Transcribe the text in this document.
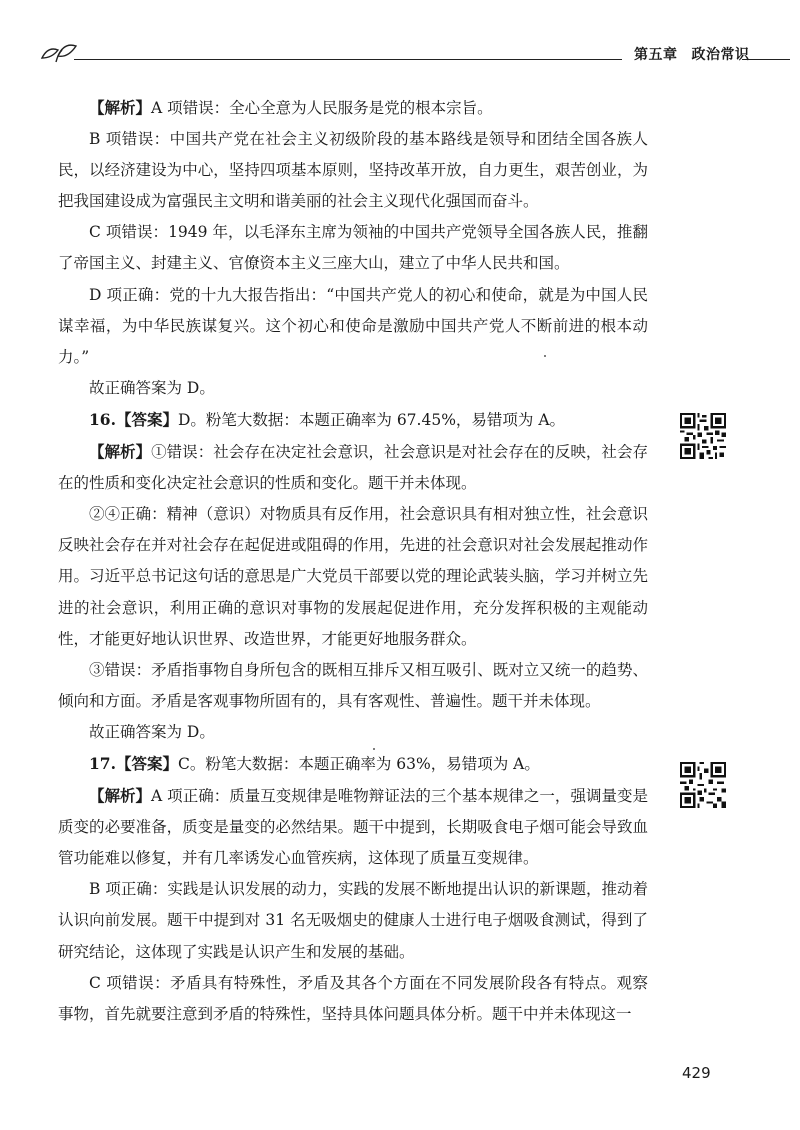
第五章 政治常识

【解析】A 项错误：全心全意为人民服务是党的根本宗旨。

B 项错误：中国共产党在社会主义初级阶段的基本路线是领导和团结全国各族人民，以经济建设为中心，坚持四项基本原则，坚持改革开放，自力更生，艰苦创业，为把我国建设成为富强民主文明和谐美丽的社会主义现代化强国而奋斗。

C 项错误：1949 年，以毛泽东主席为领袖的中国共产党领导全国各族人民，推翻了帝国主义、封建主义、官僚资本主义三座大山，建立了中华人民共和国。

D 项正确：党的十九大报告指出：“中国共产党人的初心和使命，就是为中国人民谋幸福，为中华民族谋复兴。这个初心和使命是激励中国共产党人不断前进的根本动力。”

故正确答案为 D。

16.【答案】D。粉笔大数据：本题正确率为 67.45%，易错项为 A。

【解析】①错误：社会存在决定社会意识，社会意识是对社会存在的反映，社会存在的性质和变化决定社会意识的性质和变化。题干并未体现。

②④正确：精神（意识）对物质具有反作用，社会意识具有相对独立性，社会意识反映社会存在并对社会存在起促进或阻碍的作用，先进的社会意识对社会发展起推动作用。习近平总书记这句话的意思是广大党员干部要以党的理论武装头脑，学习并树立先进的社会意识，利用正确的意识对事物的发展起促进作用，充分发挥积极的主观能动性，才能更好地认识世界、改造世界，才能更好地服务群众。

③错误：矛盾指事物自身所包含的既相互排斥又相互吸引、既对立又统一的趋势、倾向和方面。矛盾是客观事物所固有的，具有客观性、普遍性。题干并未体现。

故正确答案为 D。

17.【答案】C。粉笔大数据：本题正确率为 63%，易错项为 A。

【解析】A 项正确：质量互变规律是唯物辩证法的三个基本规律之一，强调量变是质变的必要准备，质变是量变的必然结果。题干中提到，长期吸食电子烟可能会导致血管功能难以修复，并有几率诱发心血管疾病，这体现了质量互变规律。

B 项正确：实践是认识发展的动力，实践的发展不断地提出认识的新课题，推动着认识向前发展。题干中提到对 31 名无吸烟史的健康人士进行电子烟吸食测试，得到了研究结论，这体现了实践是认识产生和发展的基础。

C 项错误：矛盾具有特殊性，矛盾及其各个方面在不同发展阶段各有特点。观察事物，首先就要注意到矛盾的特殊性，坚持具体问题具体分析。题干中并未体现这一

429
